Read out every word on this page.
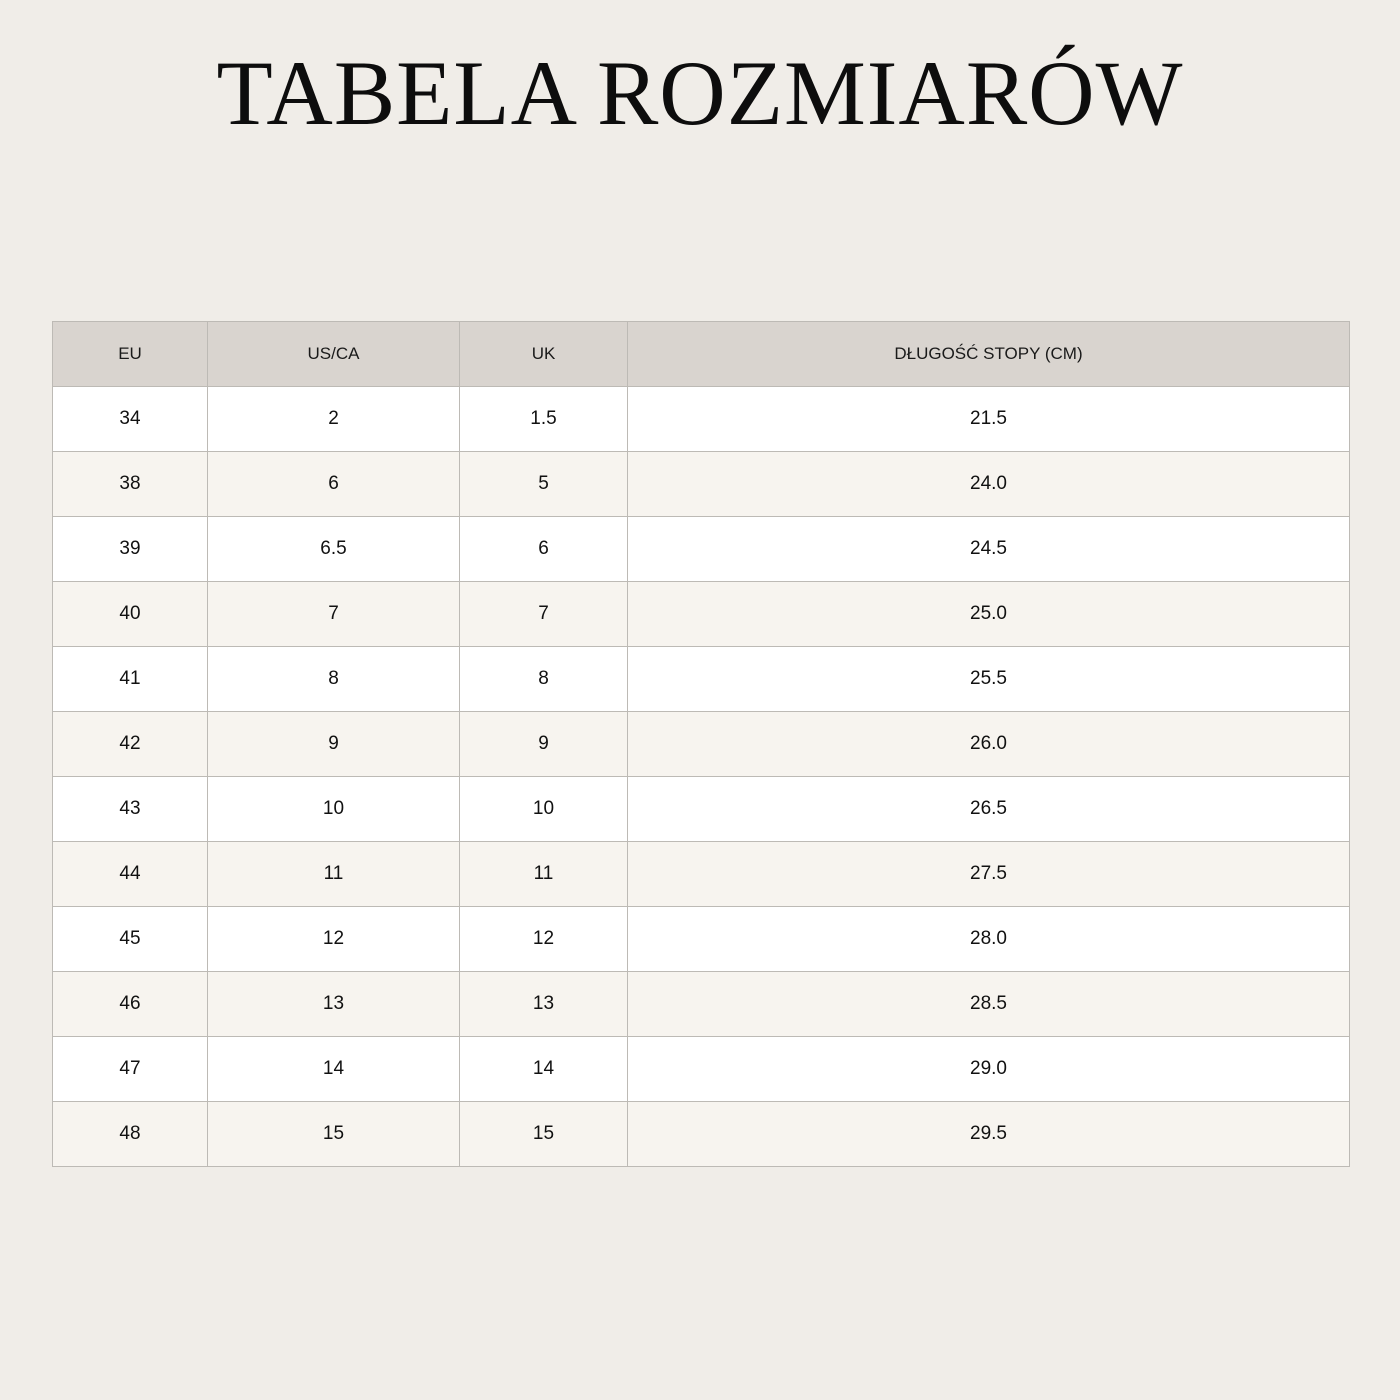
TABELA ROZMIARÓW
EU	US/CA	UK	DŁUGOŚĆ STOPY (CM)
34	2	1.5	21.5
38	6	5	24.0
39	6.5	6	24.5
40	7	7	25.0
41	8	8	25.5
42	9	9	26.0
43	10	10	26.5
44	11	11	27.5
45	12	12	28.0
46	13	13	28.5
47	14	14	29.0
48	15	15	29.5
